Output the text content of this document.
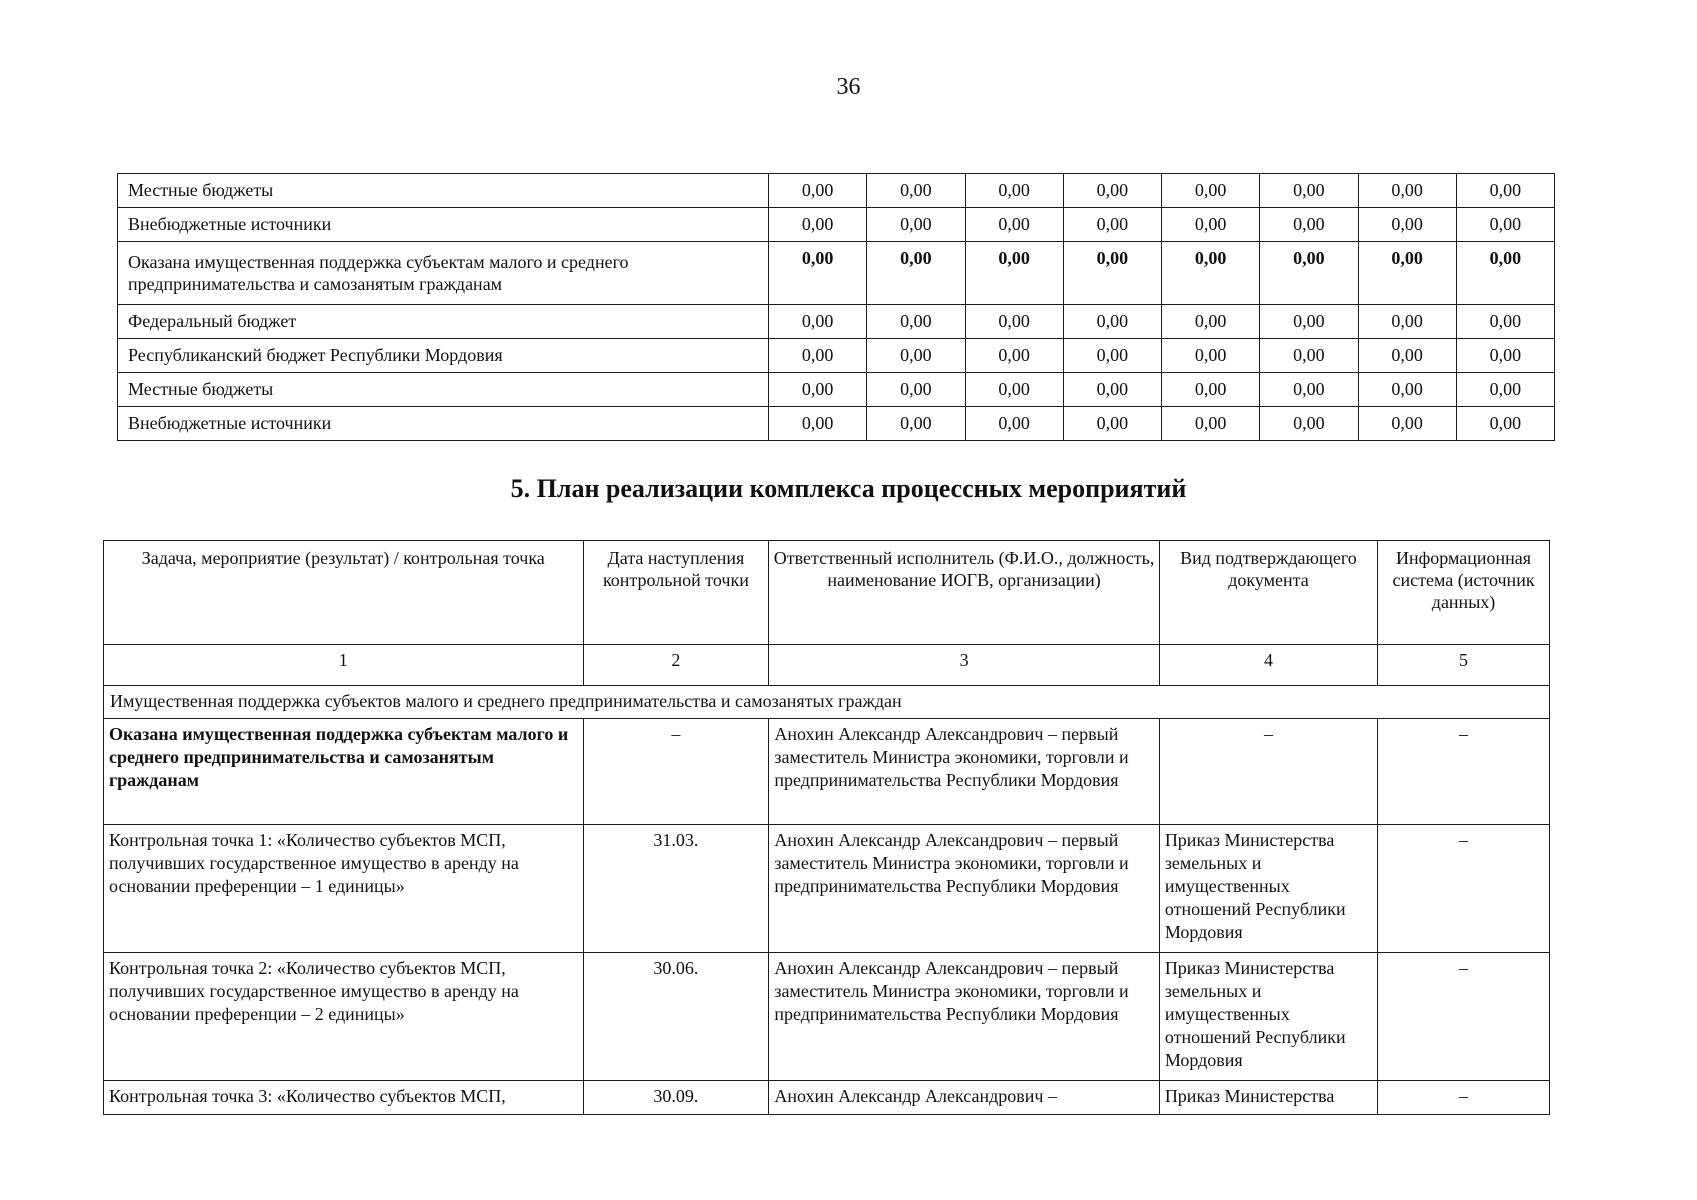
36
Местные бюджеты	0,00	0,00	0,00	0,00	0,00	0,00	0,00	0,00
Внебюджетные источники	0,00	0,00	0,00	0,00	0,00	0,00	0,00	0,00
Оказана имущественная поддержка субъектам малого и среднего предпринимательства и самозанятым гражданам	0,00	0,00	0,00	0,00	0,00	0,00	0,00	0,00
Федеральный бюджет	0,00	0,00	0,00	0,00	0,00	0,00	0,00	0,00
Республиканский бюджет Республики Мордовия	0,00	0,00	0,00	0,00	0,00	0,00	0,00	0,00
Местные бюджеты	0,00	0,00	0,00	0,00	0,00	0,00	0,00	0,00
Внебюджетные источники	0,00	0,00	0,00	0,00	0,00	0,00	0,00	0,00
5. План реализации комплекса процессных мероприятий
Задача, мероприятие (результат) / контрольная точка	Дата наступления контрольной точки	Ответственный исполнитель (Ф.И.О., должность, наименование ИОГВ, организации)	Вид подтверждающего документа	Информационная система (источник данных)
1	2	3	4	5
Имущественная поддержка субъектов малого и среднего предпринимательства и самозанятых граждан				
Оказана имущественная поддержка субъектам малого и среднего предпринимательства и самозанятым гражданам	–	Анохин Александр Александрович – первый заместитель Министра экономики, торговли и предпринимательства Республики Мордовия	–	–
Контрольная точка 1: «Количество субъектов МСП, получивших государственное имущество в аренду на основании преференции – 1 единицы»	31.03.	Анохин Александр Александрович – первый заместитель Министра экономики, торговли и предпринимательства Республики Мордовия	Приказ Министерства земельных и имущественных отношений Республики Мордовия	–
Контрольная точка 2: «Количество субъектов МСП, получивших государственное имущество в аренду на основании преференции – 2 единицы»	30.06.	Анохин Александр Александрович – первый заместитель Министра экономики, торговли и предпринимательства Республики Мордовия	Приказ Министерства земельных и имущественных отношений Республики Мордовия	–
Контрольная точка 3: «Количество субъектов МСП,	30.09.	Анохин Александр Александрович –	Приказ Министерства	–
